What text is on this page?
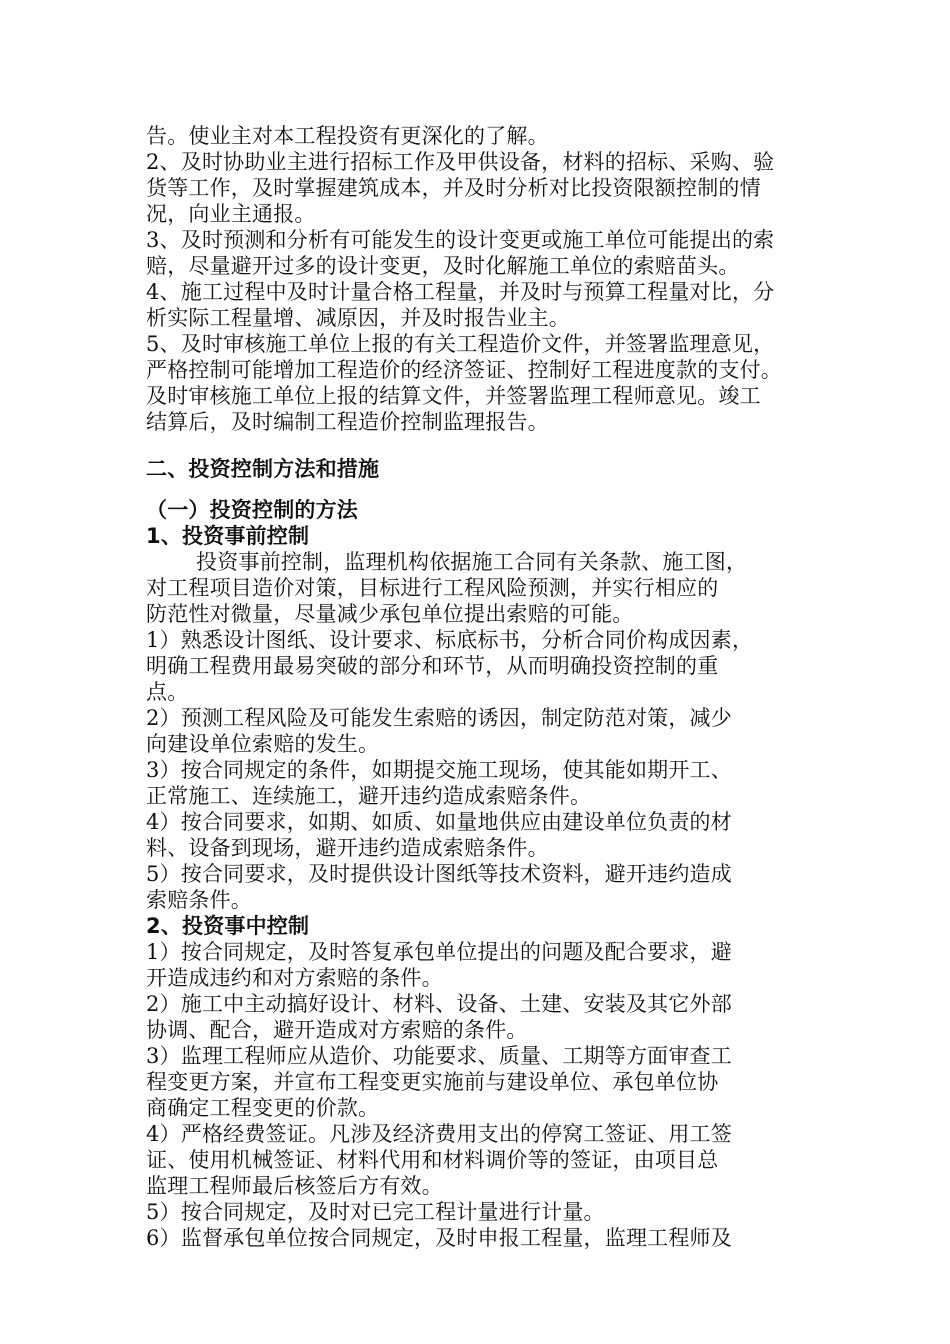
告。使业主对本工程投资有更深化的了解。
2、及时协助业主进行招标工作及甲供设备，材料的招标、采购、验
货等工作，及时掌握建筑成本，并及时分析对比投资限额控制的情
况，向业主通报。
3、及时预测和分析有可能发生的设计变更或施工单位可能提出的索
赔，尽量避开过多的设计变更，及时化解施工单位的索赔苗头。
4、施工过程中及时计量合格工程量，并及时与预算工程量对比，分
析实际工程量增、减原因，并及时报告业主。
5、及时审核施工单位上报的有关工程造价文件，并签署监理意见，
严格控制可能增加工程造价的经济签证、控制好工程进度款的支付。
及时审核施工单位上报的结算文件，并签署监理工程师意见。竣工
结算后，及时编制工程造价控制监理报告。
二、投资控制方法和措施
（一）投资控制的方法
1、投资事前控制
投资事前控制，监理机构依据施工合同有关条款、施工图，
对工程项目造价对策，目标进行工程风险预测，并实行相应的
防范性对微量，尽量减少承包单位提出索赔的可能。
1）熟悉设计图纸、设计要求、标底标书，分析合同价构成因素，
明确工程费用最易突破的部分和环节，从而明确投资控制的重
点。
2）预测工程风险及可能发生索赔的诱因，制定防范对策，减少
向建设单位索赔的发生。
3）按合同规定的条件，如期提交施工现场，使其能如期开工、
正常施工、连续施工，避开违约造成索赔条件。
4）按合同要求，如期、如质、如量地供应由建设单位负责的材
料、设备到现场，避开违约造成索赔条件。
5）按合同要求，及时提供设计图纸等技术资料，避开违约造成
索赔条件。
2、投资事中控制
1）按合同规定，及时答复承包单位提出的问题及配合要求，避
开造成违约和对方索赔的条件。
2）施工中主动搞好设计、材料、设备、土建、安装及其它外部
协调、配合，避开造成对方索赔的条件。
3）监理工程师应从造价、功能要求、质量、工期等方面审查工
程变更方案，并宣布工程变更实施前与建设单位、承包单位协
商确定工程变更的价款。
4）严格经费签证。凡涉及经济费用支出的停窝工签证、用工签
证、使用机械签证、材料代用和材料调价等的签证，由项目总
监理工程师最后核签后方有效。
5）按合同规定，及时对已完工程计量进行计量。
6）监督承包单位按合同规定，及时申报工程量，监理工程师及
